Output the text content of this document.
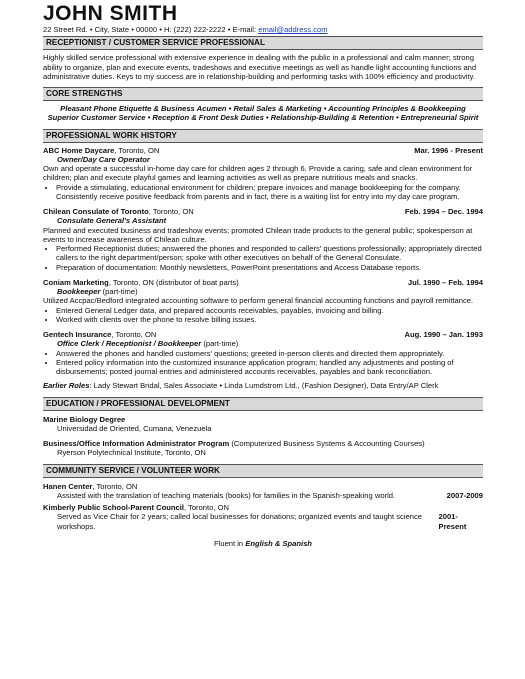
JOHN SMITH
22 Street Rd. • City, State • 00000 • H: (222) 222-2222 • E-mail: email@address.com
RECEPTIONIST / CUSTOMER SERVICE PROFESSIONAL

Highly skilled service professional with extensive experience in dealing with the public in a professional and calm manner; strong ability to organize, plan and execute events, tradeshows and executive meetings as well as handle light accounting functions and administrative duties. Keys to my success are in relationship-building and performing tasks with 100% efficiency and productivity.

CORE STRENGTHS
Pleasant Phone Etiquette & Business Acumen • Retail Sales & Marketing • Accounting Principles & Bookkeeping
Superior Customer Service • Reception & Front Desk Duties • Relationship-Building & Retention • Entrepreneurial Spirit
PROFESSIONAL WORK HISTORY
ABC Home Daycare, Toronto, ON	Mar. 1996 - Present
Owner/Day Care Operator
Own and operate a successful in-home day care for children ages 2 through 6. Provide a caring, safe and clean environment for children; plan and execute playful games and learning activities as well as prepare nutritious meals and snacks.
• Provide a stimulating, educational environment for children; prepare invoices and manage bookkeeping for the company. Consistently receive positive feedback from parents and in fact, there is a waiting list for entry into my day care program.
Chilean Consulate of Toronto, Toronto, ON	Feb. 1994 – Dec. 1994
Consulate General's Assistant
Planned and executed business and tradeshow events; promoted Chilean trade products to the general public; spokesperson at events to increase awareness of Chilean culture.
• Performed Receptionist duties; answered the phones and responded to callers' questions professionally; appropriately directed callers to the right department/person; spoke with other executives on behalf of the General Consulate.
• Preparation of documentation: Monthly newsletters, PowerPoint presentations and Access Database reports.
Coniam Marketing, Toronto, ON (distributor of boat parts)	Jul. 1990 – Feb. 1994
Bookkeeper (part-time)
Utilized Accpac/Bedford integrated accounting software to perform general financial accounting functions and payroll remittance.
• Entered General Ledger data, and prepared accounts receivables, payables, invoicing and billing.
• Worked with clients over the phone to resolve billing issues.
Gentech Insurance, Toronto, ON	Aug. 1990 – Jan. 1993
Office Clerk / Receptionist / Bookkeeper (part-time)
• Answered the phones and handled customers' questions; greeted in-person clients and directed them appropriately.
• Entered policy information into the customized insurance application program; handled any adjustments and posting of disbursements; posted journal entries and administered accounts receivables, payables and bank reconciliation.

Earlier Roles: Lady Stewart Bridal, Sales Associate • Linda Lumdstrom Ltd., (Fashion Designer), Data Entry/AP Clerk

EDUCATION / PROFESSIONAL DEVELOPMENT
Marine Biology Degree
Universidad de Oriented, Cumana, Venezuela
Business/Office Information Administrator Program (Computerized Business Systems & Accounting Courses)
Ryerson Polytechnical Institute, Toronto, ON
COMMUNITY SERVICE / VOLUNTEER WORK
Hanen Center, Toronto, ON
Assisted with the translation of teaching materials (books) for families in the Spanish-speaking world.	2007-2009
Kimberly Public School-Parent Council, Toronto, ON
Served as Vice Chair for 2 years; called local businesses for donations; organized events and taught science workshops.
2001-Present
Fluent in English & Spanish
